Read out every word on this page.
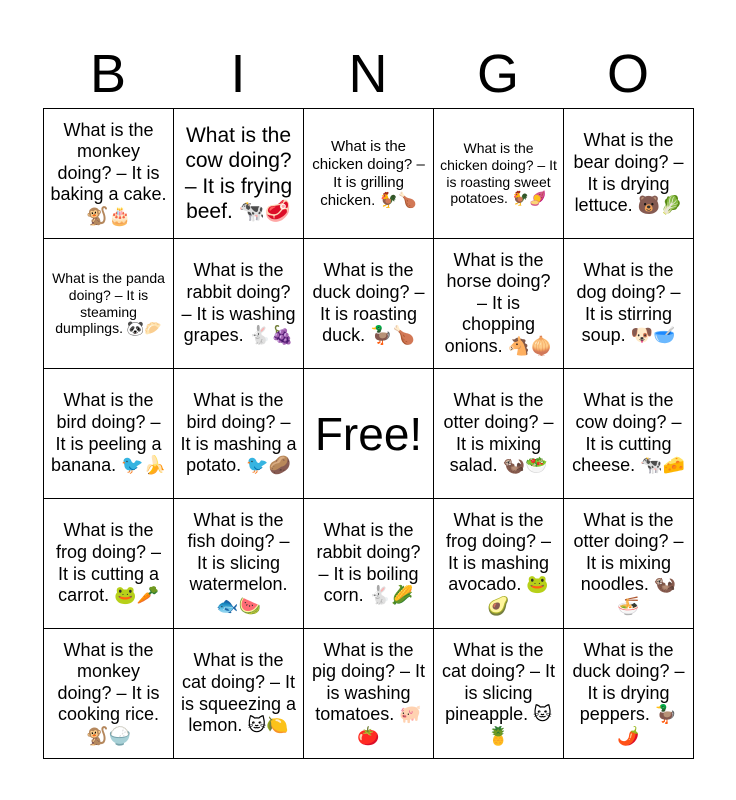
B	I	N	G	O
What is the monkey doing? – It is baking a cake. 🐒🎂	What is the cow doing? – It is frying beef. 🐄🥩	What is the chicken doing? – It is grilling chicken. 🐓🍗	What is the chicken doing? – It is roasting sweet potatoes. 🐓🍠	What is the bear doing? – It is drying lettuce. 🐻🥬

What is the panda doing? – It is steaming dumplings. 🐼🥟	What is the rabbit doing? – It is washing grapes. 🐇🍇	What is the duck doing? – It is roasting duck. 🦆🍗	What is the horse doing? – It is chopping onions. 🐴🧅	What is the dog doing? – It is stirring soup. 🐶🥣

What is the bird doing? – It is peeling a banana. 🐦🍌	What is the bird doing? – It is mashing a potato. 🐦🥔	Free!	What is the otter doing? – It is mixing salad. 🦦🥗	What is the cow doing? – It is cutting cheese. 🐄🧀

What is the frog doing? – It is cutting a carrot. 🐸🥕	What is the fish doing? – It is slicing watermelon. 🐟🍉	What is the rabbit doing? – It is boiling corn. 🐇🌽	What is the frog doing? – It is mashing avocado. 🐸🥑	What is the otter doing? – It is mixing noodles. 🦦🍜

What is the monkey doing? – It is cooking rice. 🐒🍚	What is the cat doing? – It is squeezing a lemon. 🐱🍋	What is the pig doing? – It is washing tomatoes. 🐖🍅	What is the cat doing? – It is slicing pineapple. 🐱🍍	What is the duck doing? – It is drying peppers. 🦆🌶️
